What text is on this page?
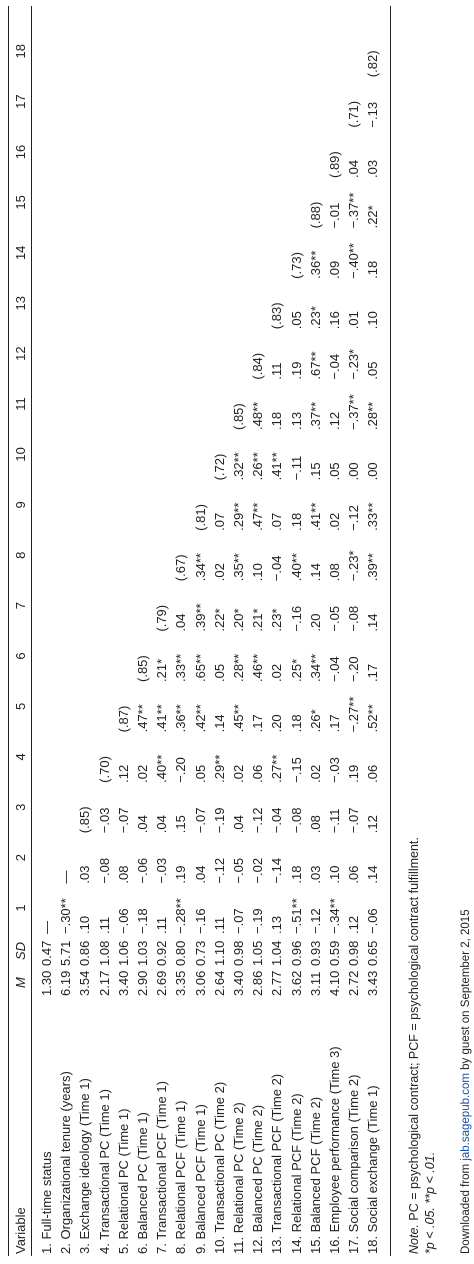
Variable
M
SD
1
2
3
4
5
6
7
8
9
10
11
12
13
14
15
16
17
18
1. Full-time status
1.30
0.47
—
2. Organizational tenure (years)
6.19
5.71
−.30**
—
3. Exchange ideology (Time 1)
3.54
0.86
.10
.03
(.85)
4. Transactional PC (Time 1)
2.17
1.08
.11
−.08
−.03
(.70)
5. Relational PC (Time 1)
3.40
1.06
−.06
.08
−.07
.12
(.87)
6. Balanced PC (Time 1)
2.90
1.03
−.18
−.06
.04
.02
.47**
(.85)
7. Transactional PCF (Time 1)
2.69
0.92
.11
−.03
.04
.40**
.41**
.21*
(.79)
8. Relational PCF (Time 1)
3.35
0.80
−.28**
.19
.15
−.20
.36**
.33**
.04
(.67)
9. Balanced PCF (Time 1)
3.06
0.73
−.16
.04
−.07
.05
.42**
.65**
.39**
.34**
(.81)
10. Transactional PC (Time 2)
2.64
1.10
.11
−.12
−.19
.29**
.14
.05
.22*
.02
.07
(.72)
11. Relational PC (Time 2)
3.40
0.98
−.07
−.05
.04
.02
.45**
.28**
.20*
.35**
.29**
.32**
(.85)
12. Balanced PC (Time 2)
2.86
1.05
−.19
−.02
−.12
.06
.17
.46**
.21*
.10
.47**
.26**
.48**
(.84)
13. Transactional PCF (Time 2)
2.77
1.04
.13
−.14
−.04
.27**
.20
.02
.23*
−.04
.07
.41**
.18
.11
(.83)
14. Relational PCF (Time 2)
3.62
0.96
−.51**
.18
−.08
−.15
.18
.25*
−.16
.40**
.18
−.11
.13
.19
.05
(.73)
15. Balanced PCF (Time 2)
3.11
0.93
−.12
.03
.08
.02
.26*
.34**
.20
.14
.41**
.15
.37**
.67**
.23*
.36**
(.88)
16. Employee performance (Time 3)
4.10
0.59
−.34**
.10
−.11
−.03
.17
−.04
−.05
.08
.02
.05
.12
−.04
.16
.09
−.01
(.89)
17. Social comparison (Time 2)
2.72
0.98
.12
.06
−.07
.19
−.27**
−.20
−.08
−.23*
−.12
.00
−.37**
−.23*
.01
−.40**
−.37**
.04
(.71)
18. Social exchange (Time 1)
3.43
0.65
−.06
.14
.12
.06
.52**
.17
.14
.39**
.33**
.00
.28**
.05
.10
.18
.22*
.03
−.13
(.82)
Note. PC = psychological contract; PCF = psychological contract fulfillment. *p < .05. **p < .01. Downloaded from jab.sagepub.com by guest on September 2, 2015
